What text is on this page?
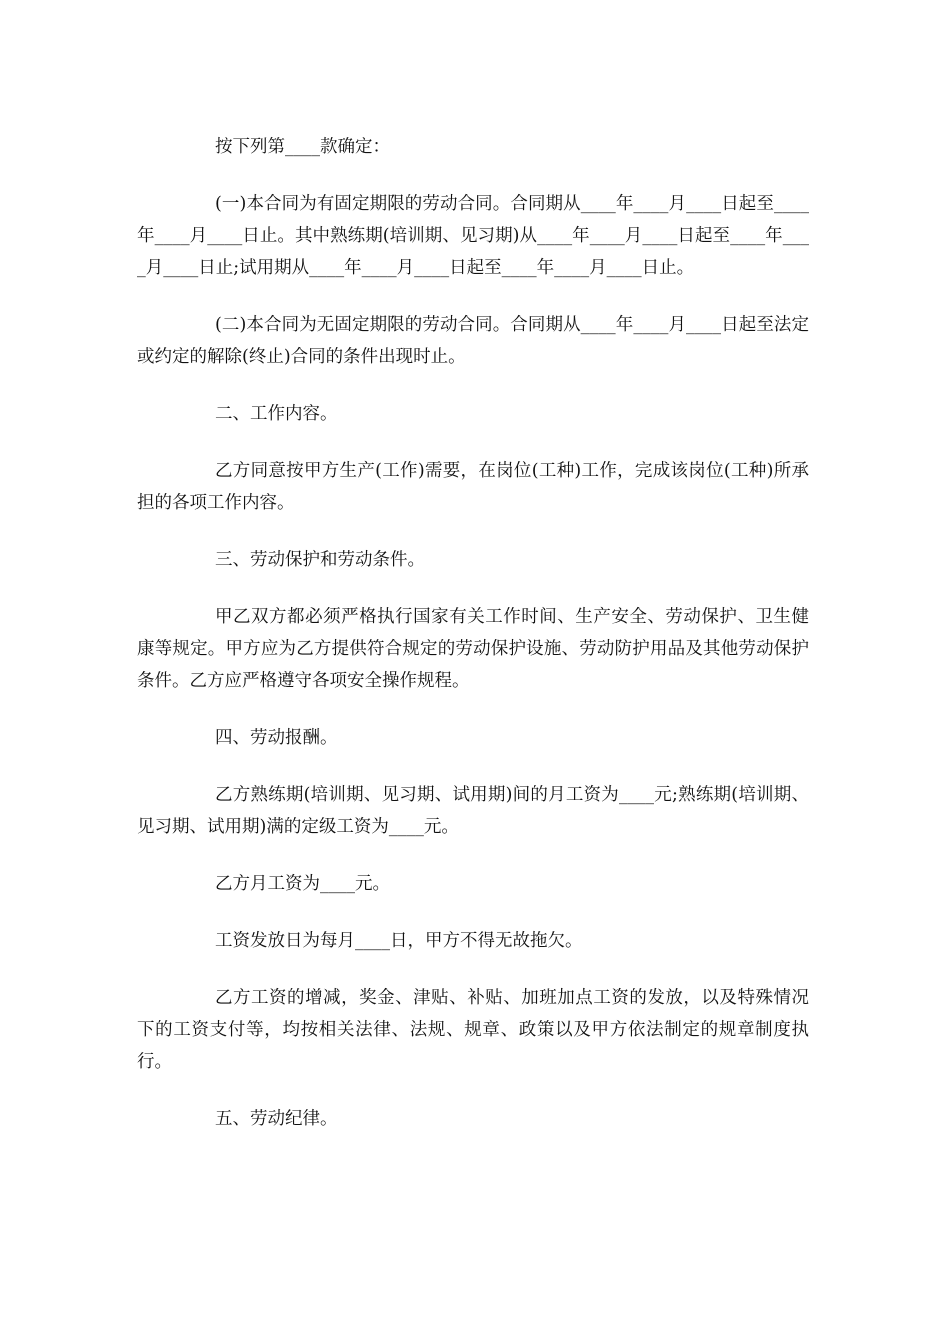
按下列第____款确定：

(一)本合同为有固定期限的劳动合同。合同期从____年____月____日起至____年____月____日止。其中熟练期(培训期、见习期)从____年____月____日起至____年____月____日止;试用期从____年____月____日起至____年____月____日止。

(二)本合同为无固定期限的劳动合同。合同期从____年____月____日起至法定或约定的解除(终止)合同的条件出现时止。

二、工作内容。

乙方同意按甲方生产(工作)需要，在岗位(工种)工作，完成该岗位(工种)所承担的各项工作内容。

三、劳动保护和劳动条件。

甲乙双方都必须严格执行国家有关工作时间、生产安全、劳动保护、卫生健康等规定。甲方应为乙方提供符合规定的劳动保护设施、劳动防护用品及其他劳动保护条件。乙方应严格遵守各项安全操作规程。

四、劳动报酬。

乙方熟练期(培训期、见习期、试用期)间的月工资为____元;熟练期(培训期、见习期、试用期)满的定级工资为____元。

乙方月工资为____元。

工资发放日为每月____日，甲方不得无故拖欠。

乙方工资的增减，奖金、津贴、补贴、加班加点工资的发放，以及特殊情况下的工资支付等，均按相关法律、法规、规章、政策以及甲方依法制定的规章制度执行。

五、劳动纪律。
